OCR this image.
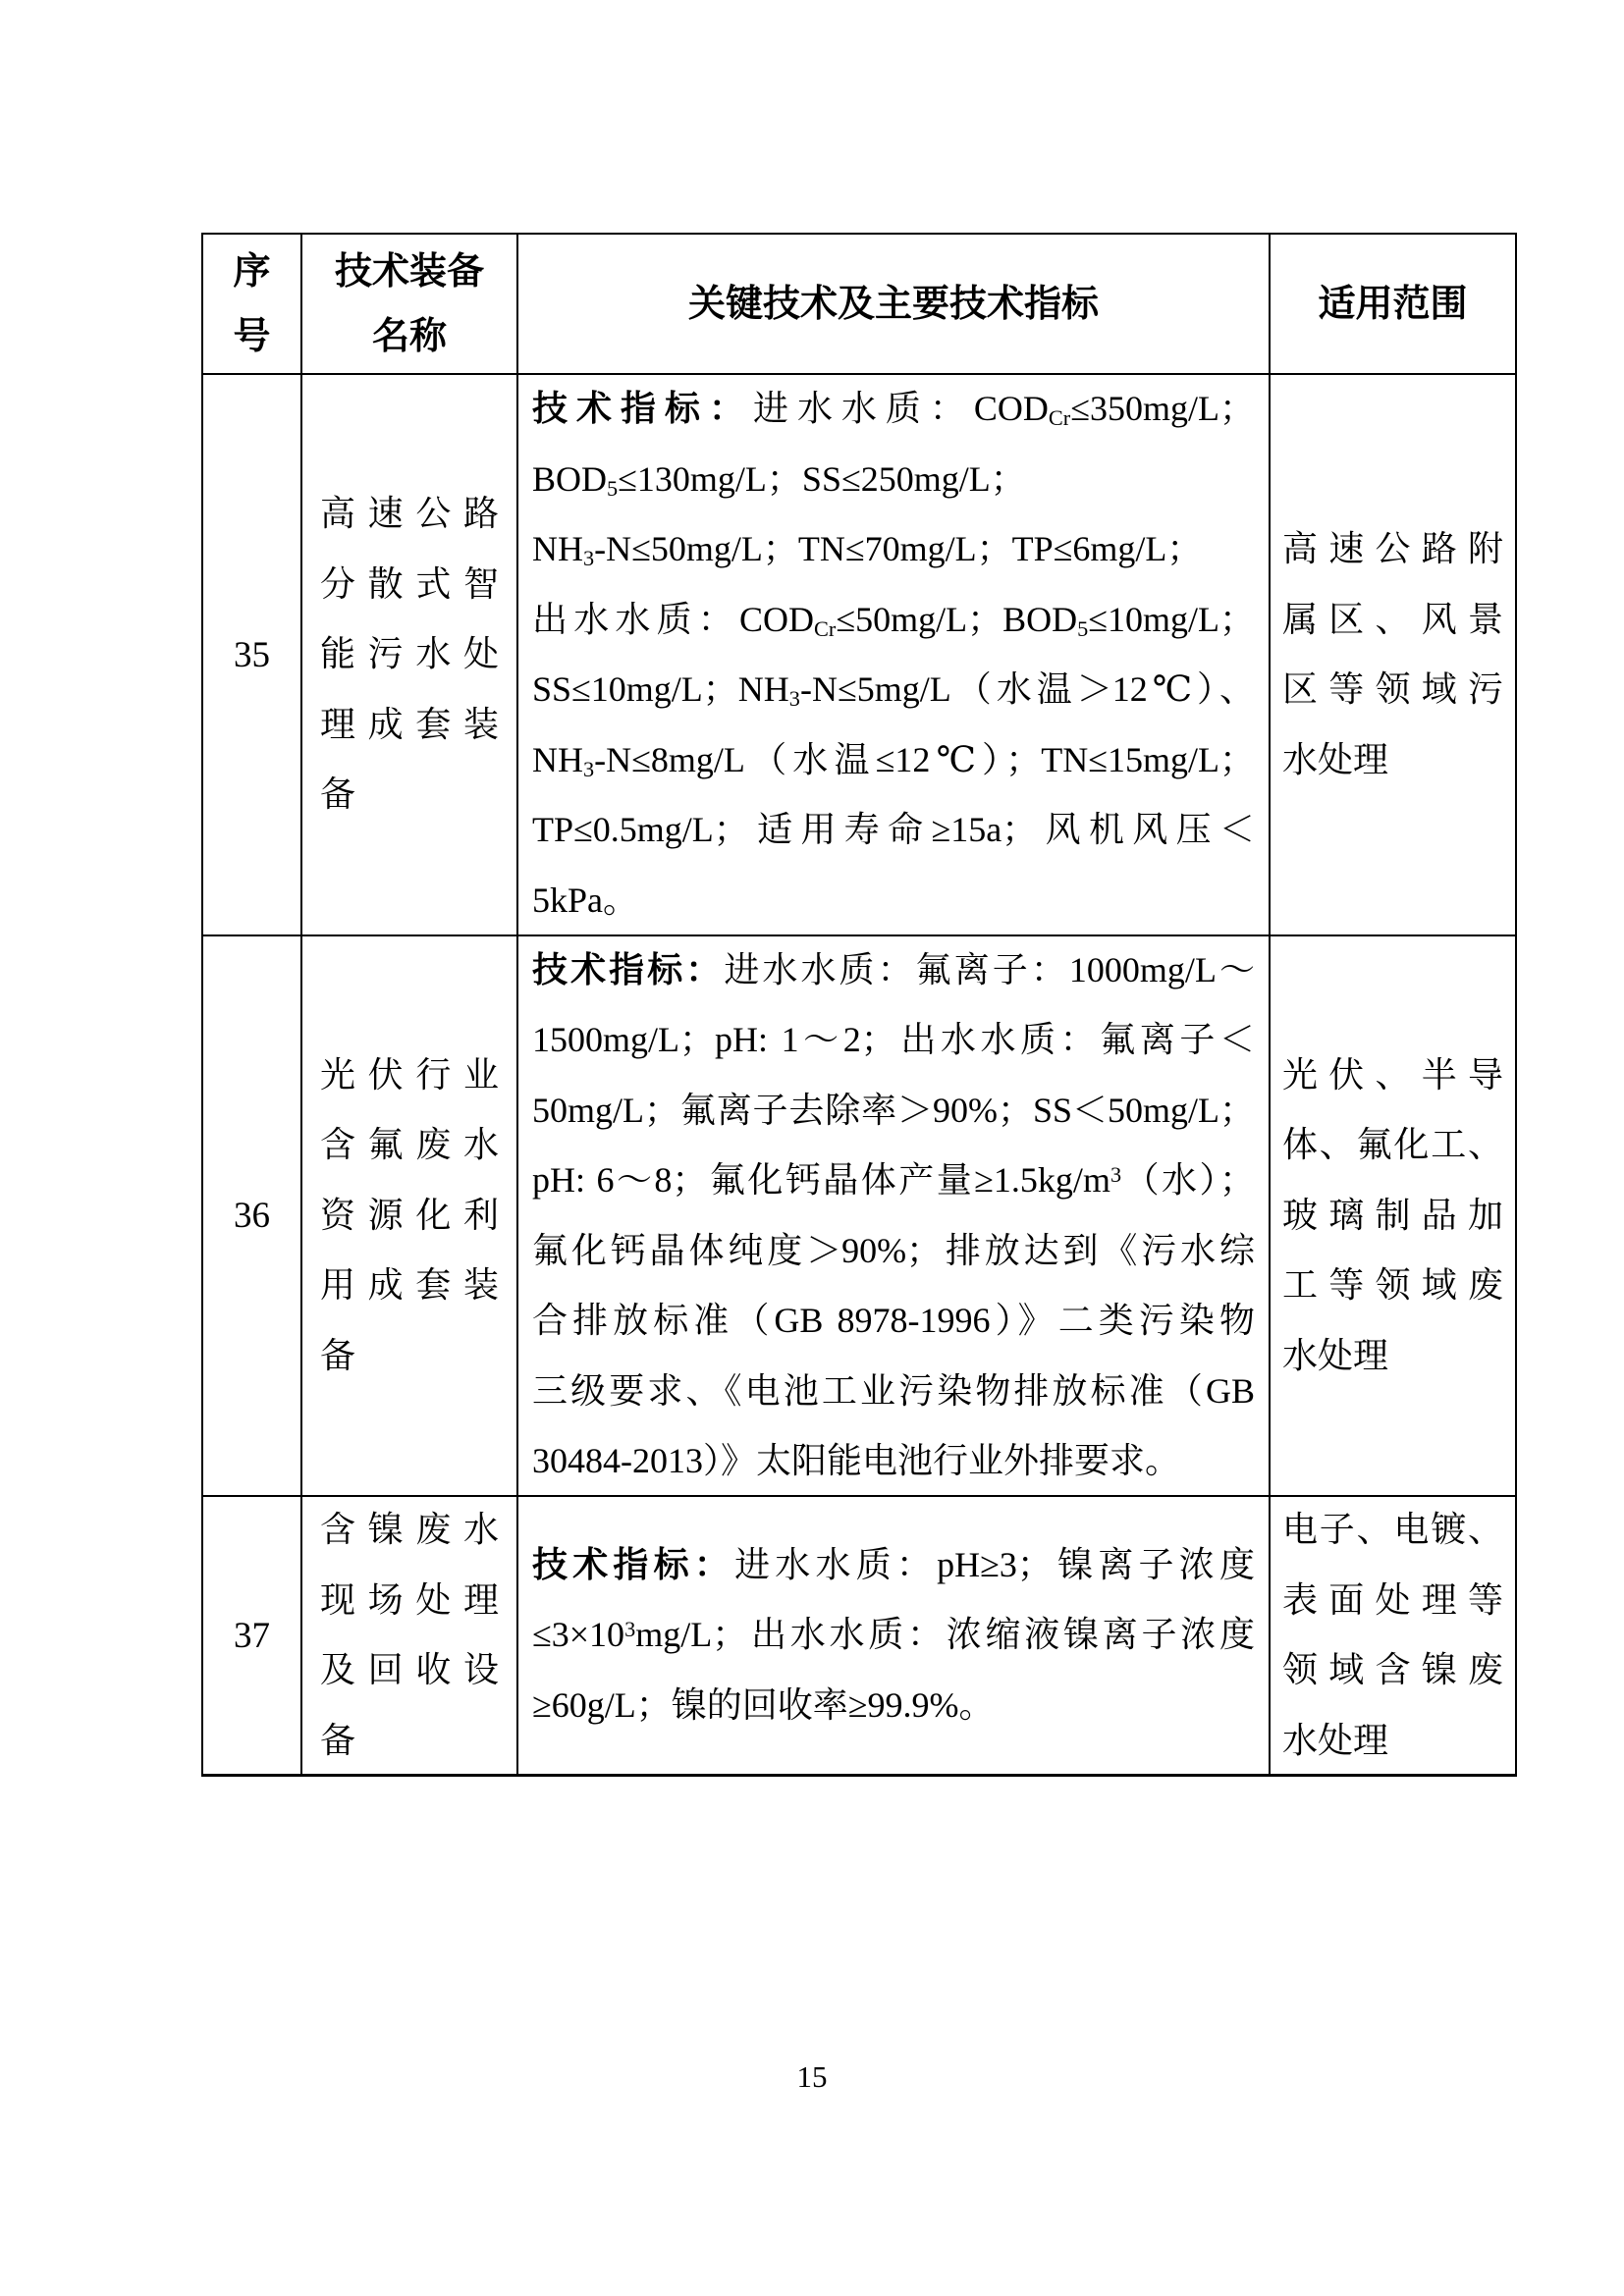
序
号
技术装备
名称
关键技术及主要技术指标	适用范围
35
高速公路
分散式智
能污水处
理成套装
备
技术指标：进水水质：$COD_{Cr}\le 350mg/L$；
$BOD_5\le 130mg/L$；SS≤250mg/L；
$NH_3-N\le 50mg/L$；TN≤70mg/L；TP≤6mg/L；
出水水质：$COD_{Cr}\le 50mg/L$；$BOD_5\le 10mg/L$；
SS≤10mg/L；$NH_3-N\le 5mg/L$（水温＞12℃）、
$NH_3-N\le 8mg/L$（水温≤12℃）；TN≤15mg/L；
TP≤0.5mg/L；适用寿命≥15a；风机风压＜
5kPa。
高速公路附
属区、风景
区等领域污
水处理
36
光伏行业
含氟废水
资源化利
用成套装
备
技术指标：进水水质：氟离子：1000mg/L～
1500mg/L；pH: 1～2；出水水质：氟离子＜
50mg/L；氟离子去除率＞90%；SS＜50mg/L；
pH: 6～8；氟化钙晶体产量$\ge 1.5kg/m^3$（水）；
氟化钙晶体纯度＞90%；排放达到《污水综
合排放标准（GB 8978-1996）》二类污染物
三级要求、《电池工业污染物排放标准（GB
30484-2013）》太阳能电池行业外排要求。
光伏、半导
体、氟化工、
玻璃制品加
工等领域废
水处理
37
含镍废水
现场处理
及回收设
备
技术指标：进水水质：pH≥3；镍离子浓度
$\le 3\times 10^3mg/L$；出水水质：浓缩液镍离子浓度
≥60g/L；镍的回收率≥99.9%。
电子、电镀、
表面处理等
领域含镍废
水处理
15
